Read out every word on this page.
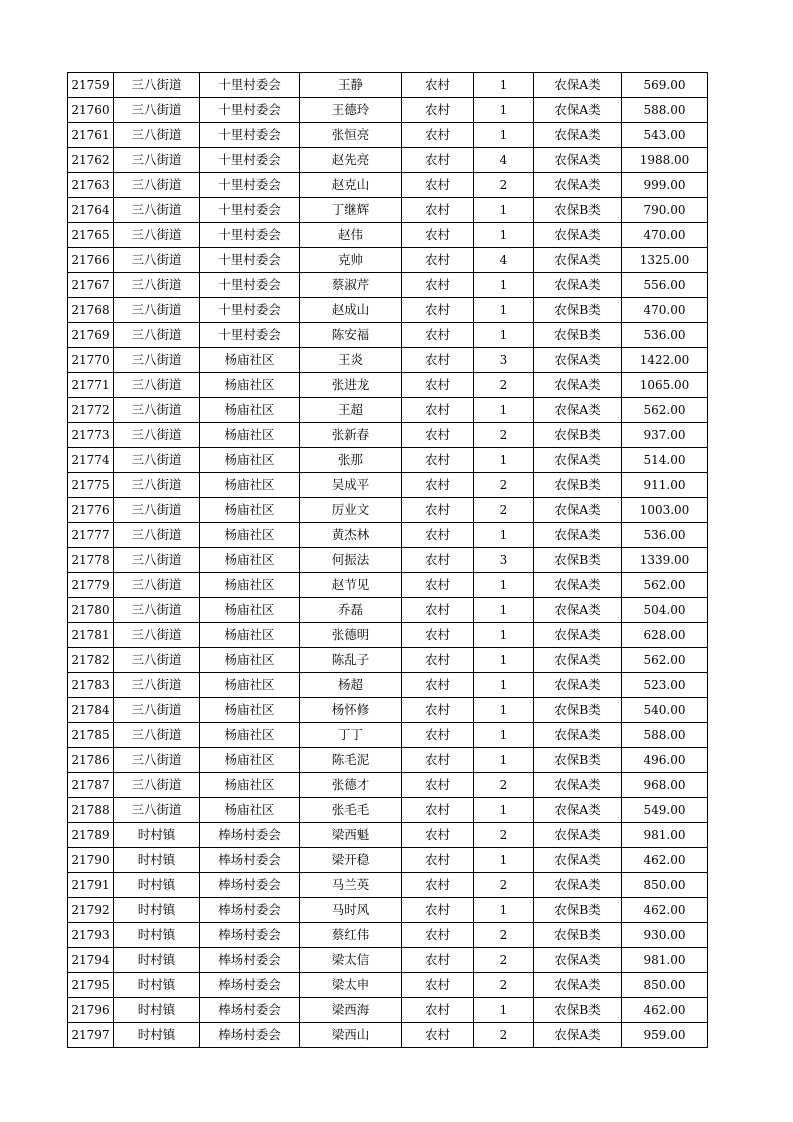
21759	三八街道	十里村委会	王静	农村	1	农保A类	569.00
21760	三八街道	十里村委会	王德玲	农村	1	农保A类	588.00
21761	三八街道	十里村委会	张恒亮	农村	1	农保A类	543.00
21762	三八街道	十里村委会	赵先亮	农村	4	农保A类	1988.00
21763	三八街道	十里村委会	赵克山	农村	2	农保A类	999.00
21764	三八街道	十里村委会	丁继辉	农村	1	农保B类	790.00
21765	三八街道	十里村委会	赵伟	农村	1	农保A类	470.00
21766	三八街道	十里村委会	克帅	农村	4	农保A类	1325.00
21767	三八街道	十里村委会	蔡淑芹	农村	1	农保A类	556.00
21768	三八街道	十里村委会	赵成山	农村	1	农保B类	470.00
21769	三八街道	十里村委会	陈安福	农村	1	农保B类	536.00
21770	三八街道	杨庙社区	王炎	农村	3	农保A类	1422.00
21771	三八街道	杨庙社区	张进龙	农村	2	农保A类	1065.00
21772	三八街道	杨庙社区	王超	农村	1	农保A类	562.00
21773	三八街道	杨庙社区	张新春	农村	2	农保B类	937.00
21774	三八街道	杨庙社区	张那	农村	1	农保A类	514.00
21775	三八街道	杨庙社区	吴成平	农村	2	农保B类	911.00
21776	三八街道	杨庙社区	厉业文	农村	2	农保A类	1003.00
21777	三八街道	杨庙社区	黄杰林	农村	1	农保A类	536.00
21778	三八街道	杨庙社区	何振法	农村	3	农保B类	1339.00
21779	三八街道	杨庙社区	赵节见	农村	1	农保A类	562.00
21780	三八街道	杨庙社区	乔磊	农村	1	农保A类	504.00
21781	三八街道	杨庙社区	张德明	农村	1	农保A类	628.00
21782	三八街道	杨庙社区	陈乱子	农村	1	农保A类	562.00
21783	三八街道	杨庙社区	杨超	农村	1	农保A类	523.00
21784	三八街道	杨庙社区	杨怀修	农村	1	农保B类	540.00
21785	三八街道	杨庙社区	丁丁	农村	1	农保A类	588.00
21786	三八街道	杨庙社区	陈毛泥	农村	1	农保B类	496.00
21787	三八街道	杨庙社区	张德才	农村	2	农保A类	968.00
21788	三八街道	杨庙社区	张毛毛	农村	1	农保A类	549.00
21789	时村镇	棒场村委会	梁西魁	农村	2	农保A类	981.00
21790	时村镇	棒场村委会	梁开稳	农村	1	农保A类	462.00
21791	时村镇	棒场村委会	马兰英	农村	2	农保A类	850.00
21792	时村镇	棒场村委会	马时风	农村	1	农保B类	462.00
21793	时村镇	棒场村委会	蔡红伟	农村	2	农保B类	930.00
21794	时村镇	棒场村委会	梁太信	农村	2	农保A类	981.00
21795	时村镇	棒场村委会	梁太申	农村	2	农保A类	850.00
21796	时村镇	棒场村委会	梁西海	农村	1	农保B类	462.00
21797	时村镇	棒场村委会	梁西山	农村	2	农保A类	959.00
